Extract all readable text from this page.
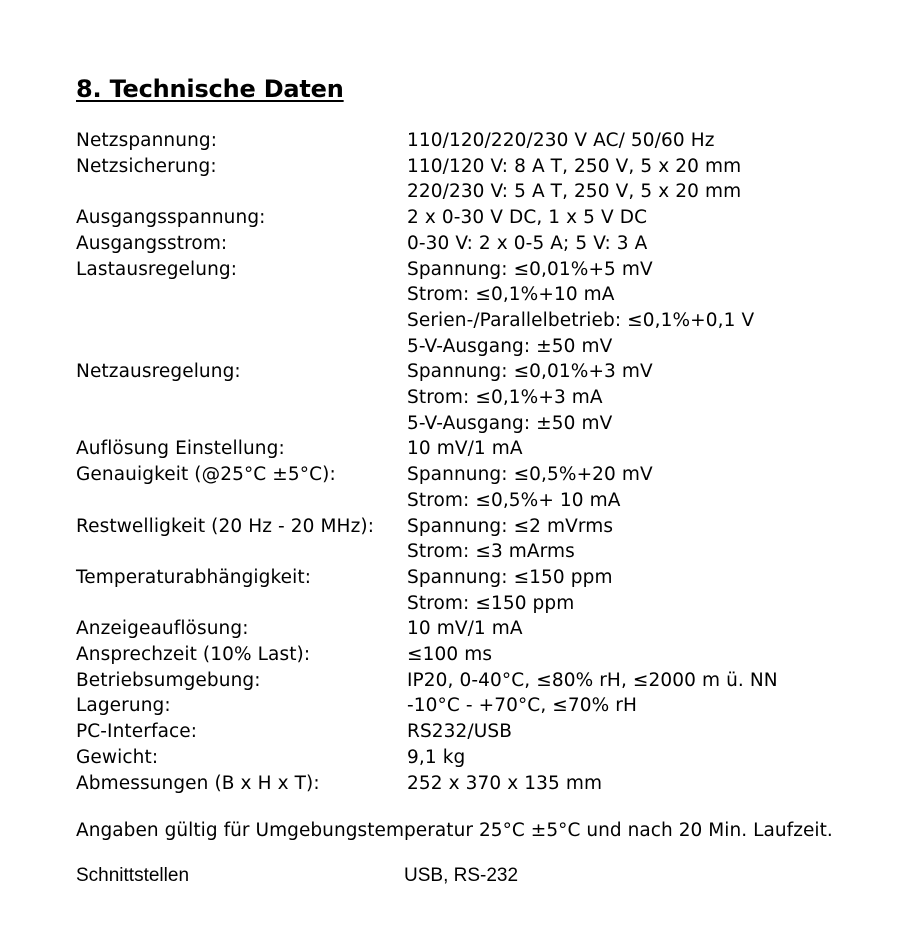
8. Technische Daten
Netzspannung:	110/120/220/230 V AC/ 50/60 Hz
Netzsicherung:	110/120 V: 8 A T, 250 V, 5 x 20 mm
220/230 V: 5 A T, 250 V, 5 x 20 mm
Ausgangsspannung:	2 x 0-30 V DC, 1 x 5 V DC
Ausgangsstrom:	0-30 V: 2 x 0-5 A; 5 V: 3 A
Lastausregelung:	Spannung: ≤0,01%+5 mV
Strom: ≤0,1%+10 mA
Serien-/Parallelbetrieb: ≤0,1%+0,1 V
5-V-Ausgang: ±50 mV
Netzausregelung:	Spannung: ≤0,01%+3 mV
Strom: ≤0,1%+3 mA
5-V-Ausgang: ±50 mV
Auflösung Einstellung:	10 mV/1 mA
Genauigkeit (@25°C ±5°C):	Spannung: ≤0,5%+20 mV
Strom: ≤0,5%+ 10 mA
Restwelligkeit (20 Hz - 20 MHz):	Spannung: ≤2 mVrms
Strom: ≤3 mArms
Temperaturabhängigkeit:	Spannung: ≤150 ppm
Strom: ≤150 ppm
Anzeigeauflösung:	10 mV/1 mA
Ansprechzeit (10% Last):	≤100 ms
Betriebsumgebung:	IP20, 0-40°C, ≤80% rH, ≤2000 m ü. NN
Lagerung:	-10°C - +70°C, ≤70% rH
PC-Interface:	RS232/USB
Gewicht:	9,1 kg
Abmessungen (B x H x T):	252 x 370 x 135 mm
Angaben gültig für Umgebungstemperatur 25°C ±5°C und nach 20 Min. Laufzeit.
Schnittstellen	USB, RS-232
